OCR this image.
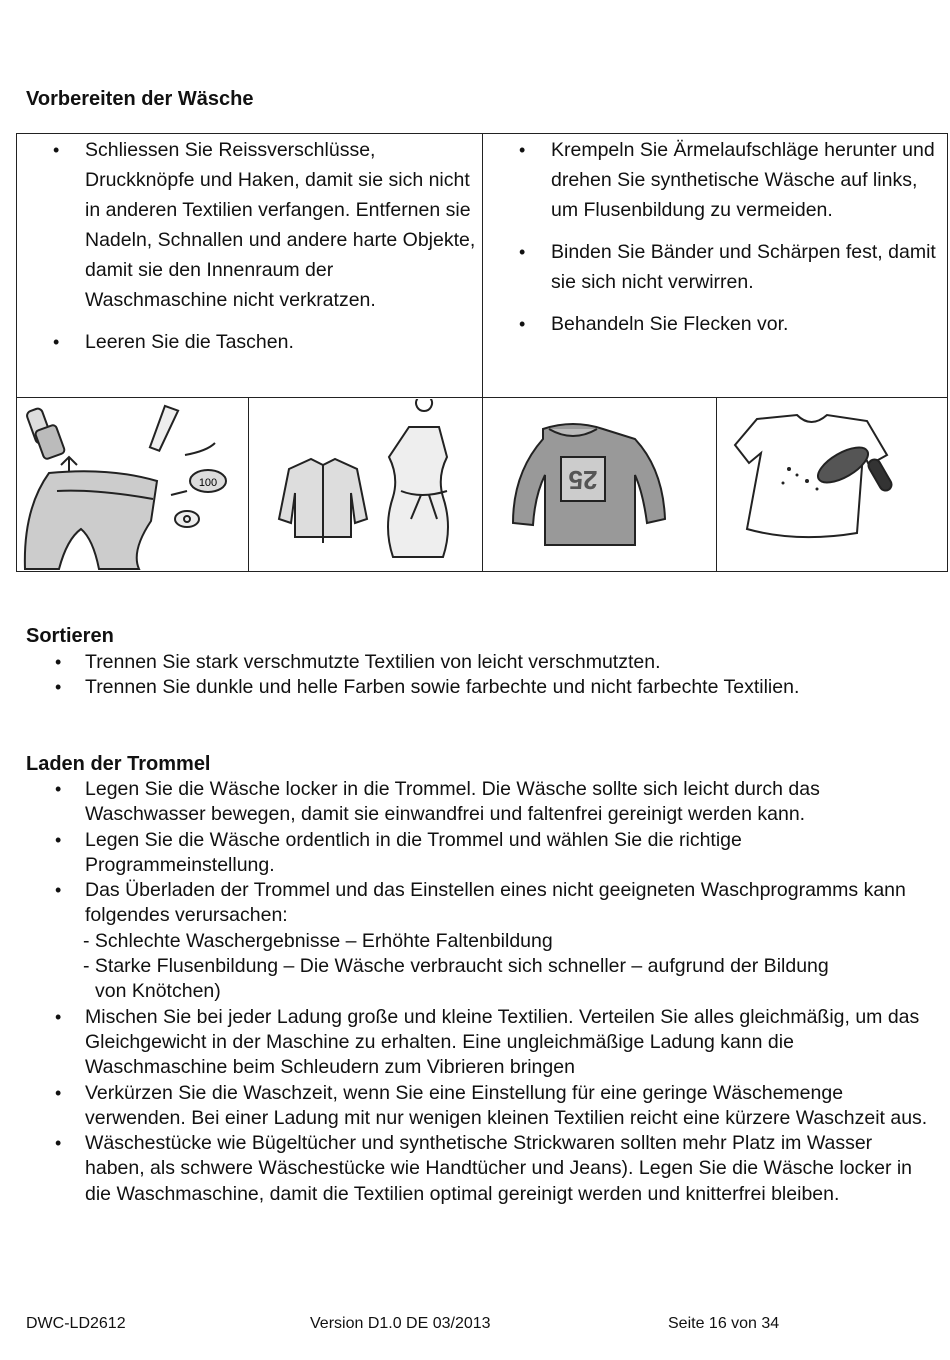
Vorbereiten der Wäsche
• Schliessen Sie Reissverschlüsse, Druckknöpfe und Haken, damit sie sich nicht in anderen Textilien verfangen. Entfernen sie Nadeln, Schnallen und andere harte Objekte, damit sie den Innenraum der Waschmaschine nicht verkratzen.
• Leeren Sie die Taschen.
• Krempeln Sie Ärmelaufschläge herunter und drehen Sie synthetische Wäsche auf links, um Flusenbildung zu vermeiden.
• Binden Sie Bänder und Schärpen fest, damit sie sich nicht verwirren.
• Behandeln Sie Flecken vor.
100	25
Sortieren
• Trennen Sie stark verschmutzte Textilien von leicht verschmutzten.
• Trennen Sie dunkle und helle Farben sowie farbechte und nicht farbechte Textilien.
Laden der Trommel
• Legen Sie die Wäsche locker in die Trommel. Die Wäsche sollte sich leicht durch das Waschwasser bewegen, damit sie einwandfrei und faltenfrei gereinigt werden kann.
• Legen Sie die Wäsche ordentlich in die Trommel und wählen Sie die richtige Programmeinstellung.
• Das Überladen der Trommel und das Einstellen eines nicht geeigneten Waschprogramms kann folgendes verursachen:
- Schlechte Waschergebnisse – Erhöhte Faltenbildung
- Starke Flusenbildung – Die Wäsche verbraucht sich schneller – aufgrund der Bildung
von Knötchen)
• Mischen Sie bei jeder Ladung große und kleine Textilien. Verteilen Sie alles gleichmäßig, um das Gleichgewicht in der Maschine zu erhalten. Eine ungleichmäßige Ladung kann die Waschmaschine beim Schleudern zum Vibrieren bringen
• Verkürzen Sie die Waschzeit, wenn Sie eine Einstellung für eine geringe Wäschemenge verwenden. Bei einer Ladung mit nur wenigen kleinen Textilien reicht eine kürzere Waschzeit aus.
• Wäschestücke wie Bügeltücher und synthetische Strickwaren sollten mehr Platz im Wasser haben, als schwere Wäschestücke wie Handtücher und Jeans). Legen Sie die Wäsche locker in die Waschmaschine, damit die Textilien optimal gereinigt werden und knitterfrei bleiben.
DWC-LD2612	Version D1.0 DE 03/2013	Seite 16 von 34
